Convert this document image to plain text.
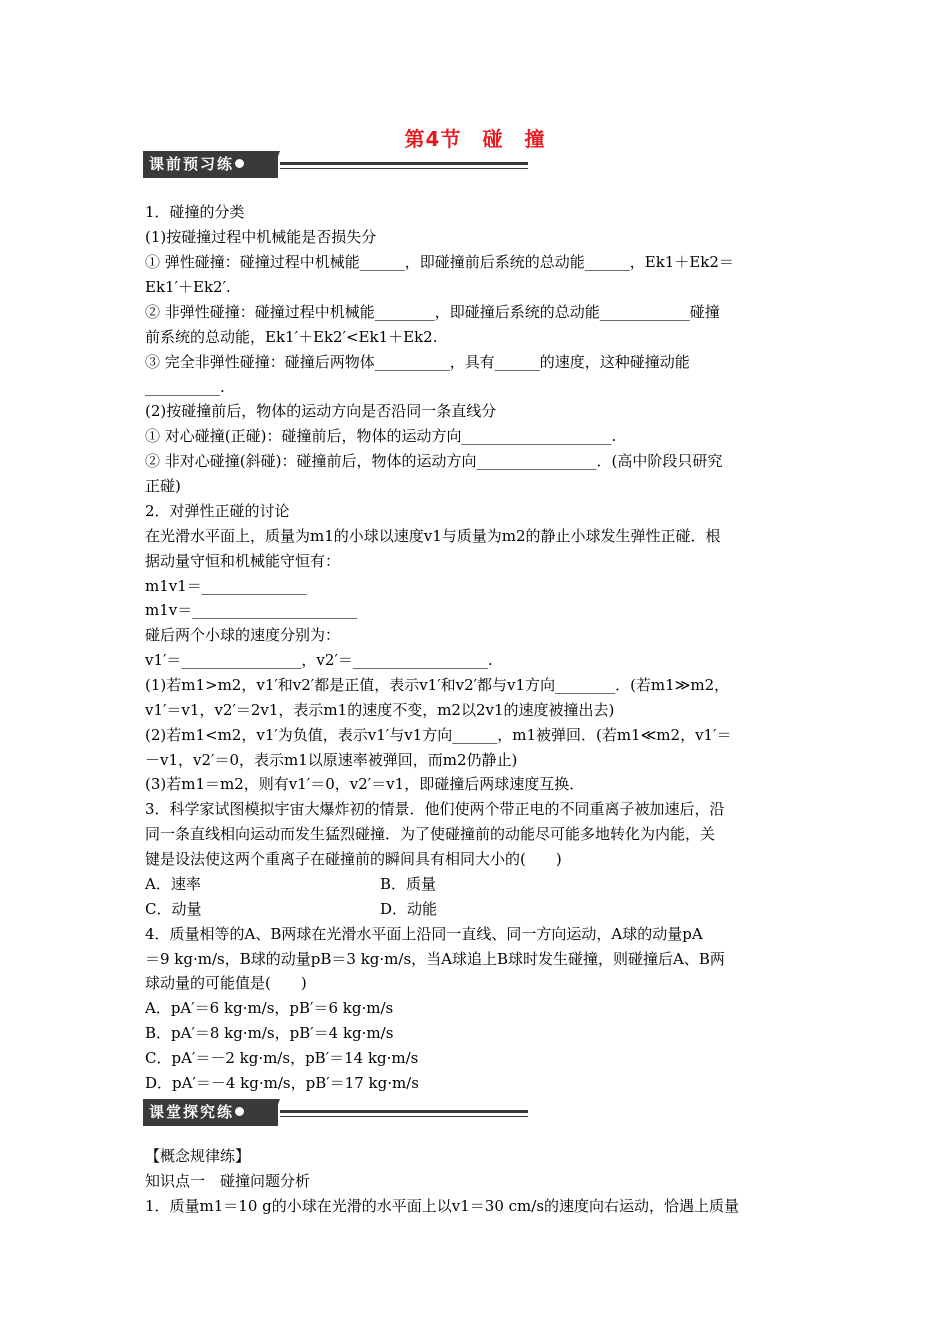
第4节　碰　撞
课前预习练
1．碰撞的分类
(1)按碰撞过程中机械能是否损失分
① 弹性碰撞：碰撞过程中机械能______，即碰撞前后系统的总动能______，Ek1＋Ek2＝
Ek1′＋Ek2′.
② 非弹性碰撞：碰撞过程中机械能________，即碰撞后系统的总动能____________碰撞
前系统的总动能，Ek1′＋Ek2′<Ek1＋Ek2.
③ 完全非弹性碰撞：碰撞后两物体__________，具有______的速度，这种碰撞动能
__________.
(2)按碰撞前后，物体的运动方向是否沿同一条直线分
① 对心碰撞(正碰)：碰撞前后，物体的运动方向____________________.
② 非对心碰撞(斜碰)：碰撞前后，物体的运动方向________________．(高中阶段只研究
正碰)
2．对弹性正碰的讨论
在光滑水平面上，质量为m1的小球以速度v1与质量为m2的静止小球发生弹性正碰．根
据动量守恒和机械能守恒有：
m1v1＝______________
m1v＝______________________
碰后两个小球的速度分别为：
v1′＝________________，v2′＝__________________.
(1)若m1>m2，v1′和v2′都是正值，表示v1′和v2′都与v1方向________．(若m1≫m2，
v1′＝v1，v2′＝2v1，表示m1的速度不变，m2以2v1的速度被撞出去)
(2)若m1<m2，v1′为负值，表示v1′与v1方向______，m1被弹回．(若m1≪m2，v1′＝
－v1，v2′＝0，表示m1以原速率被弹回，而m2仍静止)
(3)若m1＝m2，则有v1′＝0，v2′＝v1，即碰撞后两球速度互换．
3．科学家试图模拟宇宙大爆炸初的情景．他们使两个带正电的不同重离子被加速后，沿
同一条直线相向运动而发生猛烈碰撞．为了使碰撞前的动能尽可能多地转化为内能，关
键是设法使这两个重离子在碰撞前的瞬间具有相同大小的(　　)
A．速率	B．质量
C．动量	D．动能
4．质量相等的A、B两球在光滑水平面上沿同一直线、同一方向运动，A球的动量pA
＝9 kg·m/s，B球的动量pB＝3 kg·m/s，当A球追上B球时发生碰撞，则碰撞后A、B两
球动量的可能值是(　　)
A．pA′＝6 kg·m/s，pB′＝6 kg·m/s
B．pA′＝8 kg·m/s，pB′＝4 kg·m/s
C．pA′＝－2 kg·m/s，pB′＝14 kg·m/s
D．pA′＝－4 kg·m/s，pB′＝17 kg·m/s
课堂探究练
【概念规律练】
知识点一　碰撞问题分析
1．质量m1＝10 g的小球在光滑的水平面上以v1＝30 cm/s的速度向右运动，恰遇上质量
